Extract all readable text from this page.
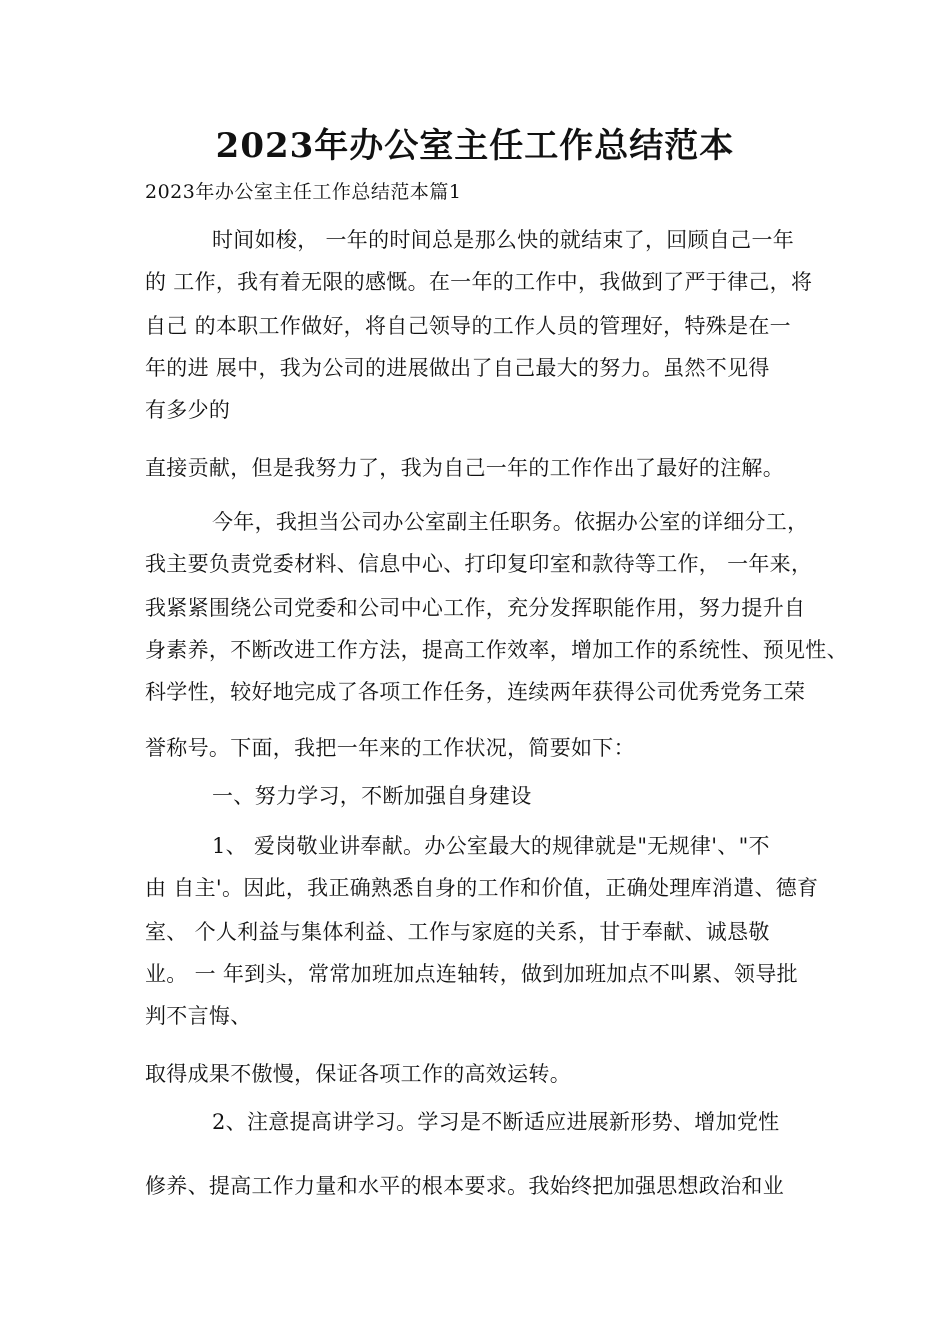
2023年办公室主任工作总结范本
2023年办公室主任工作总结范本篇1
时间如梭， 一年的时间总是那么快的就结束了，回顾自己一年
的 工作，我有着无限的感慨。在一年的工作中，我做到了严于律己，将
自己 的本职工作做好，将自己领导的工作人员的管理好，特殊是在一
年的进 展中，我为公司的进展做出了自己最大的努力。虽然不见得
有多少的
直接贡献，但是我努力了，我为自己一年的工作作出了最好的注解。
今年，我担当公司办公室副主任职务。依据办公室的详细分工，
我主要负责党委材料、信息中心、打印复印室和款待等工作， 一年来，
我紧紧围绕公司党委和公司中心工作，充分发挥职能作用，努力提升自
身素养，不断改进工作方法，提高工作效率，增加工作的系统性、预见性、
科学性，较好地完成了各项工作任务，连续两年获得公司优秀党务工荣
誉称号。下面，我把一年来的工作状况，简要如下：
一、努力学习，不断加强自身建设
1、 爱岗敬业讲奉献。办公室最大的规律就是"无规律'、"不
由 自主'。因此，我正确熟悉自身的工作和价值，正确处理库消遣、德育
室、 个人利益与集体利益、工作与家庭的关系，甘于奉献、诚恳敬
业。 一 年到头，常常加班加点连轴转，做到加班加点不叫累、领导批
判不言悔、
取得成果不傲慢，保证各项工作的高效运转。
2、注意提高讲学习。学习是不断适应进展新形势、增加党性
修养、提高工作力量和水平的根本要求。我始终把加强思想政治和业
